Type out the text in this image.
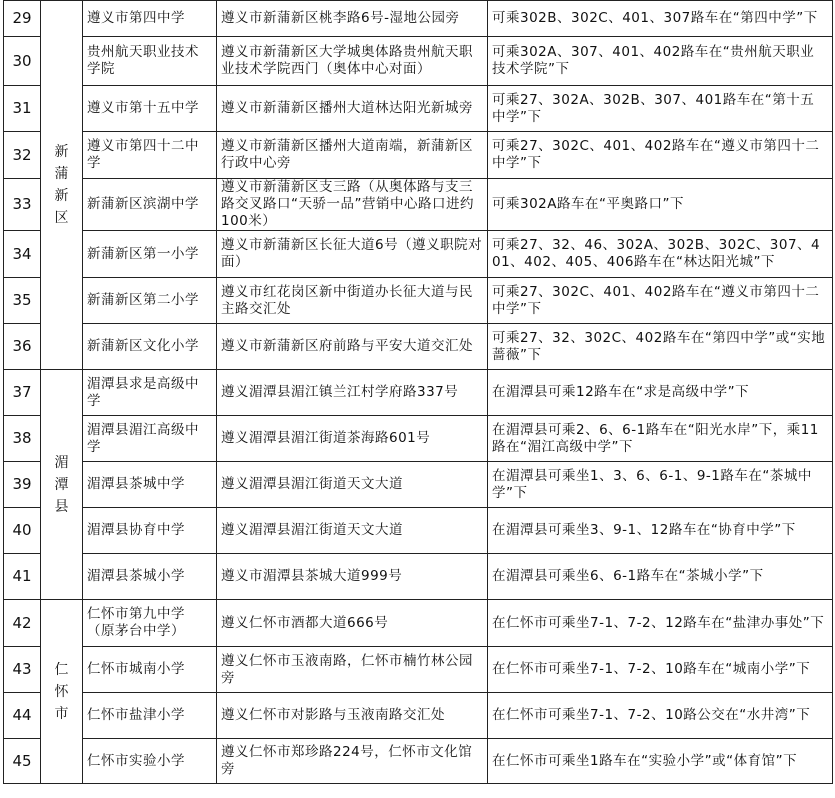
29	新蒲新区	遵义市第四中学	遵义市新蒲新区桃李路6号-湿地公园旁	可乘302B、302C、401、307路车在“第四中学”下
30		贵州航天职业技术学院	遵义市新蒲新区大学城奥体路贵州航天职业技术学院西门（奥体中心对面）	可乘302A、307、401、402路车在“贵州航天职业技术学院”下
31		遵义市第十五中学	遵义市新蒲新区播州大道林达阳光新城旁	可乘27、302A、302B、307、401路车在“第十五中学”下
32		遵义市第四十二中学	遵义市新蒲新区播州大道南端，新蒲新区行政中心旁	可乘27、302C、401、402路车在“遵义市第四十二中学”下
33		新蒲新区滨湖中学	遵义市新蒲新区支三路（从奥体路与支三路交叉路口“天骄一品”营销中心路口进约100米）	可乘302A路车在“平奥路口”下
34		新蒲新区第一小学	遵义市新蒲新区长征大道6号（遵义职院对面）	可乘27、32、46、302A、302B、302C、307、401、402、405、406路车在“林达阳光城”下
35		新蒲新区第二小学	遵义市红花岗区新中街道办长征大道与民主路交汇处	可乘27、302C、401、402路车在“遵义市第四十二中学”下
36		新蒲新区文化小学	遵义市新蒲新区府前路与平安大道交汇处	可乘27、32、302C、402路车在“第四中学”或“实地蔷薇”下
37	湄潭县	湄潭县求是高级中学	遵义湄潭县湄江镇兰江村学府路337号	在湄潭县可乘12路车在“求是高级中学”下
38		湄潭县湄江高级中学	遵义湄潭县湄江街道茶海路601号	在湄潭县可乘2、6、6-1路车在“阳光水岸”下，乘11路在“湄江高级中学”下
39		湄潭县茶城中学	遵义湄潭县湄江街道天文大道	在湄潭县可乘坐1、3、6、6-1、9-1路车在“茶城中学”下
40		湄潭县协育中学	遵义湄潭县湄江街道天文大道	在湄潭县可乘坐3、9-1、12路车在“协育中学”下
41		湄潭县茶城小学	遵义市湄潭县茶城大道999号	在湄潭县可乘坐6、6-1路车在“茶城小学”下
42	仁怀市	仁怀市第九中学（原茅台中学）	遵义仁怀市酒都大道666号	在仁怀市可乘坐7-1、7-2、12路车在“盐津办事处”下
43		仁怀市城南小学	遵义仁怀市玉液南路，仁怀市楠竹林公园旁	在仁怀市可乘坐7-1、7-2、10路车在“城南小学”下
44		仁怀市盐津小学	遵义仁怀市对影路与玉液南路交汇处	在仁怀市可乘坐7-1、7-2、10路公交在“水井湾”下
45		仁怀市实验小学	遵义仁怀市郑珍路224号，仁怀市文化馆旁	在仁怀市可乘坐1路车在“实验小学”或“体育馆”下
